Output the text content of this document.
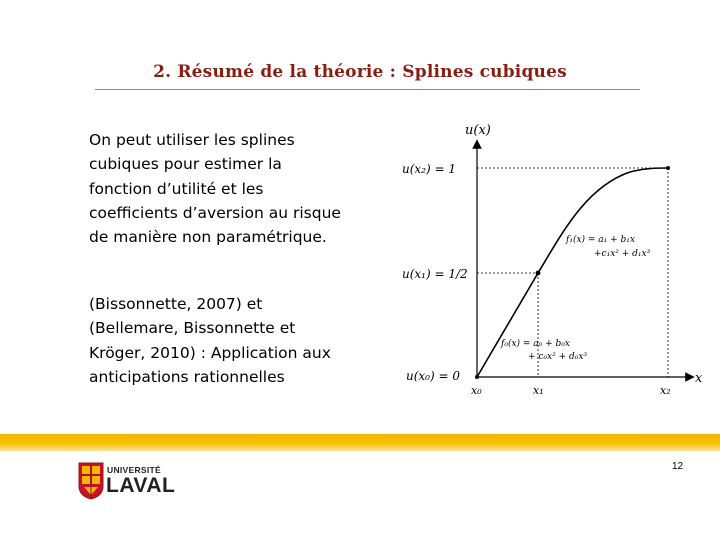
2. Résumé de la théorie : Splines cubiques
On peut utiliser les splines
cubiques pour estimer la
fonction d’utilité et les
coefficients d’aversion au risque
de manière non paramétrique.
(Bissonnette, 2007) et
(Bellemare, Bissonnette et
Kröger, 2010) : Application aux
anticipations rationnelles
u(x)
x
u(x₂) = 1
u(x₁) = 1/2
u(x₀) = 0
x₀	x₁	x₂
f₁(x) = a₁ + b₁x
+c₁x² + d₁x³
f₀(x) = a₀ + b₀x
+ c₀x² + d₀x³
UNIVERSITÉ
LAVAL
12
